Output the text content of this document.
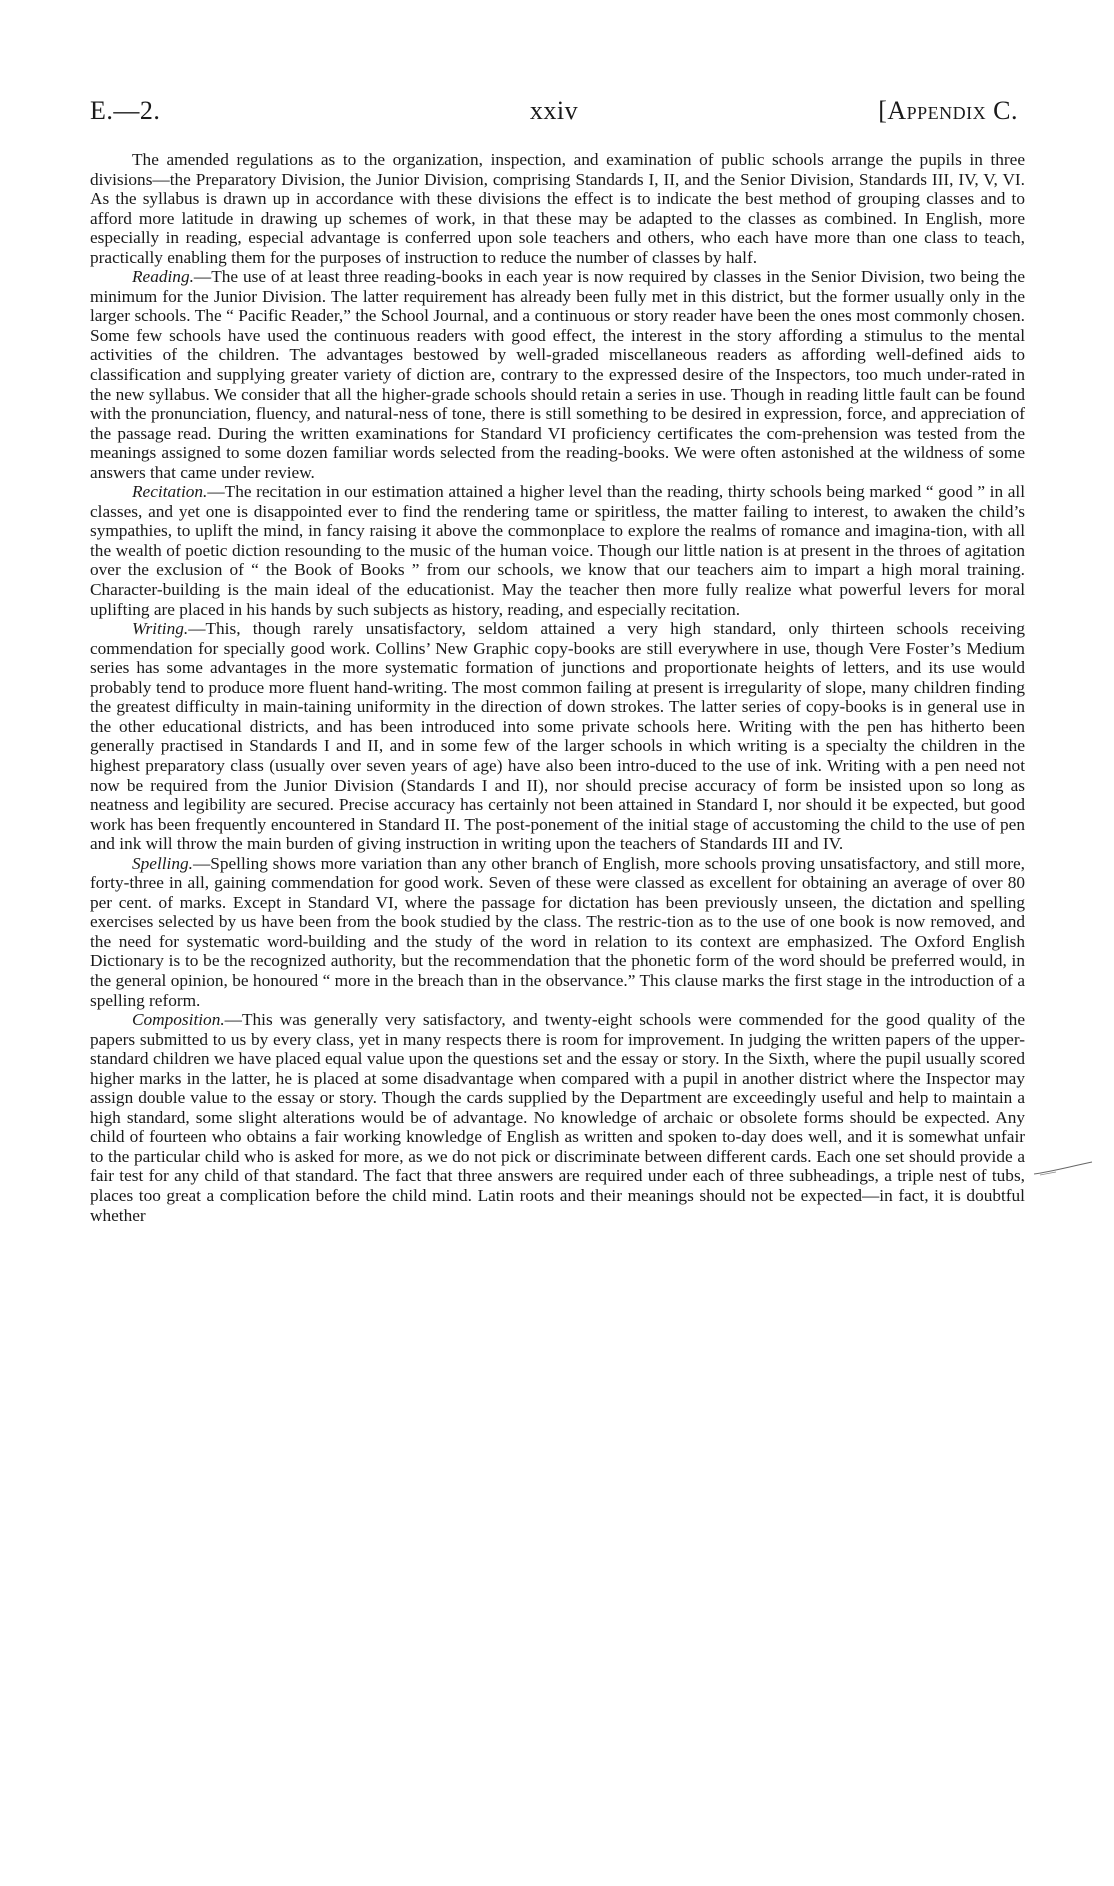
E.—2.	xxiv	[Appendix C.

The amended regulations as to the organization, inspection, and examination of public schools arrange the pupils in three divisions—the Preparatory Division, the Junior Division, comprising Standards I, II, and the Senior Division, Standards III, IV, V, VI. As the syllabus is drawn up in accordance with these divisions the effect is to indicate the best method of grouping classes and to afford more latitude in drawing up schemes of work, in that these may be adapted to the classes as combined. In English, more especially in reading, especial advantage is conferred upon sole teachers and others, who each have more than one class to teach, practically enabling them for the purposes of instruction to reduce the number of classes by half.

Reading.—The use of at least three reading-books in each year is now required by classes in the Senior Division, two being the minimum for the Junior Division. The latter requirement has already been fully met in this district, but the former usually only in the larger schools. The “ Pacific Reader,” the School Journal, and a continuous or story reader have been the ones most commonly chosen. Some few schools have used the continuous readers with good effect, the interest in the story affording a stimulus to the mental activities of the children. The advantages bestowed by well-graded miscellaneous readers as affording well-defined aids to classification and supplying greater variety of diction are, contrary to the expressed desire of the Inspectors, too much under-rated in the new syllabus. We consider that all the higher-grade schools should retain a series in use. Though in reading little fault can be found with the pronunciation, fluency, and natural-ness of tone, there is still something to be desired in expression, force, and appreciation of the passage read. During the written examinations for Standard VI proficiency certificates the com-prehension was tested from the meanings assigned to some dozen familiar words selected from the reading-books. We were often astonished at the wildness of some answers that came under review.

Recitation.—The recitation in our estimation attained a higher level than the reading, thirty schools being marked “ good ” in all classes, and yet one is disappointed ever to find the rendering tame or spiritless, the matter failing to interest, to awaken the child’s sympathies, to uplift the mind, in fancy raising it above the commonplace to explore the realms of romance and imagina-tion, with all the wealth of poetic diction resounding to the music of the human voice. Though our little nation is at present in the throes of agitation over the exclusion of “ the Book of Books ” from our schools, we know that our teachers aim to impart a high moral training. Character-building is the main ideal of the educationist. May the teacher then more fully realize what powerful levers for moral uplifting are placed in his hands by such subjects as history, reading, and especially recitation.

Writing.—This, though rarely unsatisfactory, seldom attained a very high standard, only thirteen schools receiving commendation for specially good work. Collins’ New Graphic copy-books are still everywhere in use, though Vere Foster’s Medium series has some advantages in the more systematic formation of junctions and proportionate heights of letters, and its use would probably tend to produce more fluent hand-writing. The most common failing at present is irregularity of slope, many children finding the greatest difficulty in main-taining uniformity in the direction of down strokes. The latter series of copy-books is in general use in the other educational districts, and has been introduced into some private schools here. Writing with the pen has hitherto been generally practised in Standards I and II, and in some few of the larger schools in which writing is a specialty the children in the highest preparatory class (usually over seven years of age) have also been intro-duced to the use of ink. Writing with a pen need not now be required from the Junior Division (Standards I and II), nor should precise accuracy of form be insisted upon so long as neatness and legibility are secured. Precise accuracy has certainly not been attained in Standard I, nor should it be expected, but good work has been frequently encountered in Standard II. The post-ponement of the initial stage of accustoming the child to the use of pen and ink will throw the main burden of giving instruction in writing upon the teachers of Standards III and IV.

Spelling.—Spelling shows more variation than any other branch of English, more schools proving unsatisfactory, and still more, forty-three in all, gaining commendation for good work. Seven of these were classed as excellent for obtaining an average of over 80 per cent. of marks. Except in Standard VI, where the passage for dictation has been previously unseen, the dictation and spelling exercises selected by us have been from the book studied by the class. The restric-tion as to the use of one book is now removed, and the need for systematic word-building and the study of the word in relation to its context are emphasized. The Oxford English Dictionary is to be the recognized authority, but the recommendation that the phonetic form of the word should be preferred would, in the general opinion, be honoured “ more in the breach than in the observance.” This clause marks the first stage in the introduction of a spelling reform.

Composition.—This was generally very satisfactory, and twenty-eight schools were commended for the good quality of the papers submitted to us by every class, yet in many respects there is room for improvement. In judging the written papers of the upper-standard children we have placed equal value upon the questions set and the essay or story. In the Sixth, where the pupil usually scored higher marks in the latter, he is placed at some disadvantage when compared with a pupil in another district where the Inspector may assign double value to the essay or story. Though the cards supplied by the Department are exceedingly useful and help to maintain a high standard, some slight alterations would be of advantage. No knowledge of archaic or obsolete forms should be expected. Any child of fourteen who obtains a fair working knowledge of English as written and spoken to-day does well, and it is somewhat unfair to the particular child who is asked for more, as we do not pick or discriminate between different cards. Each one set should provide a fair test for any child of that standard. The fact that three answers are required under each of three subheadings, a triple nest of tubs, places too great a complication before the child mind. Latin roots and their meanings should not be expected—in fact, it is doubtful whether
